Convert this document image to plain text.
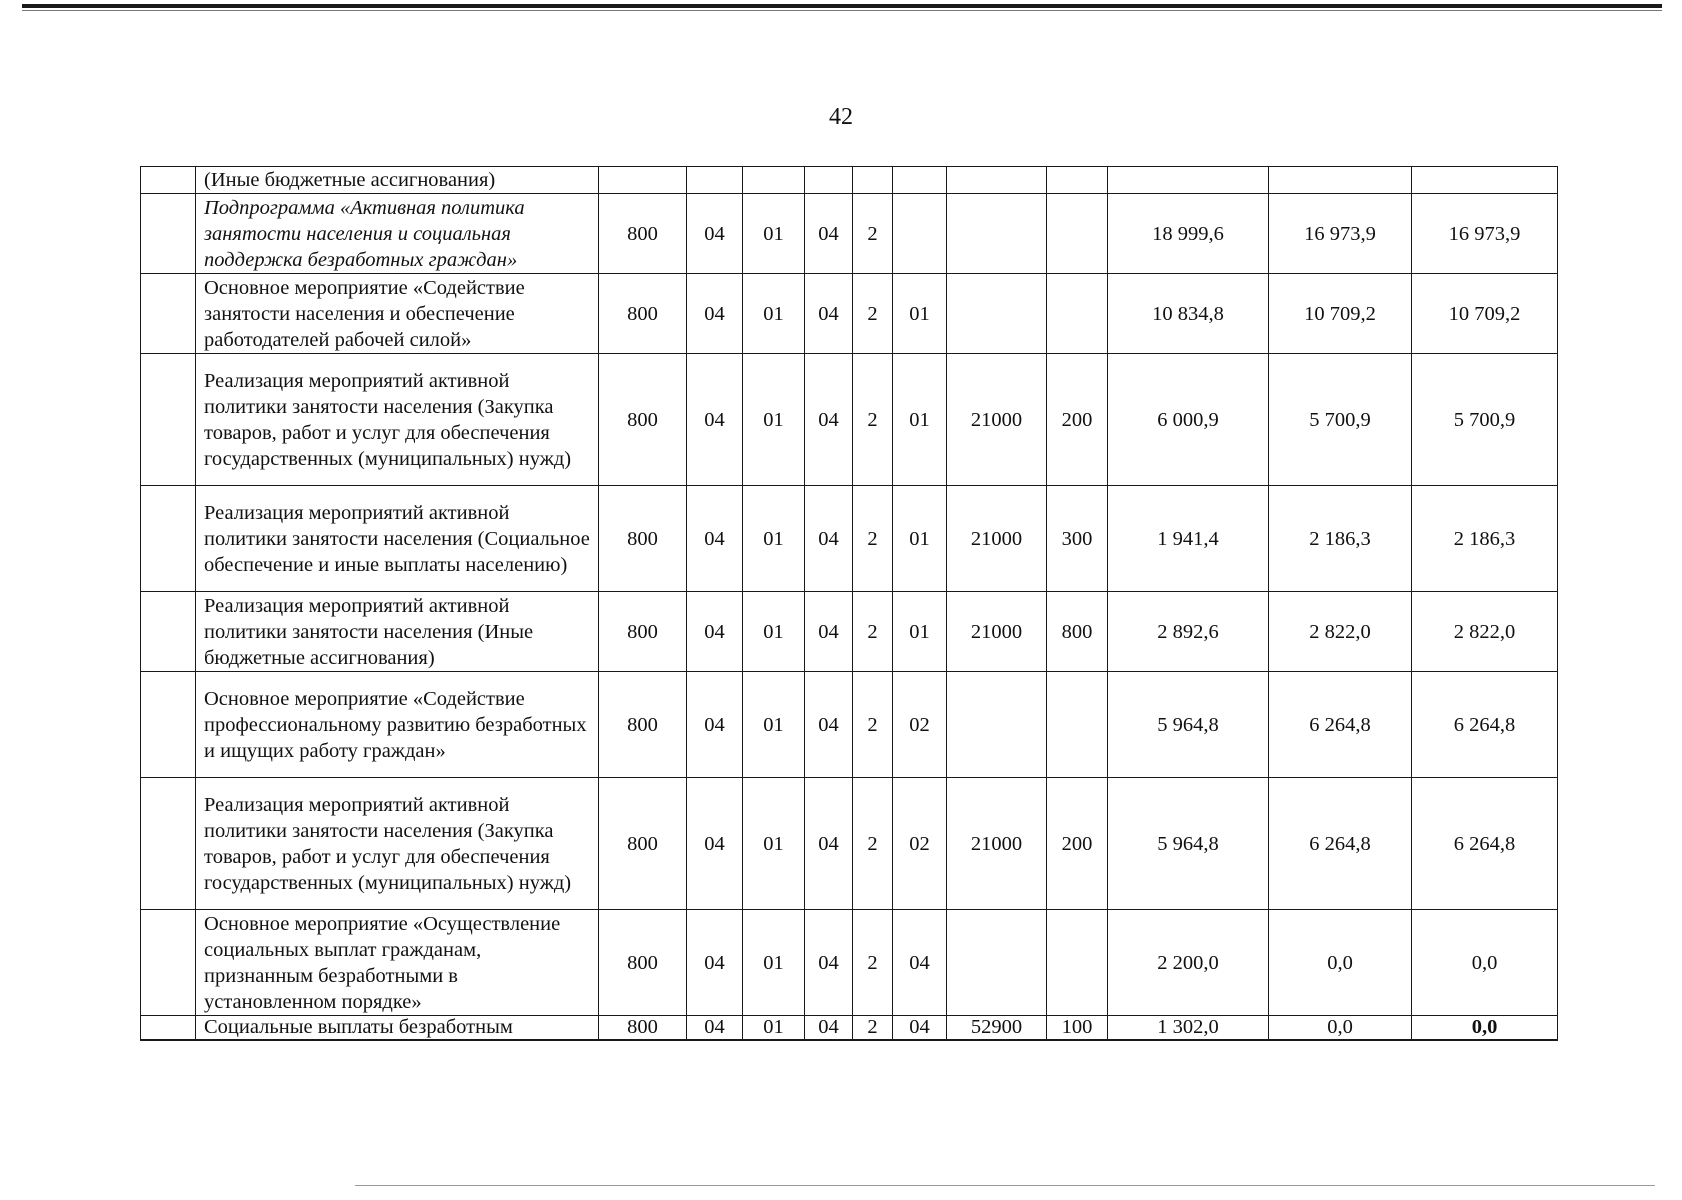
42
	(Иные бюджетные ассигнования)											
	Подпрограмма «Активная политика занятости населения и социальная поддержка безработных граждан»	800	04	01	04	2				18 999,6	16 973,9	16 973,9
	Основное мероприятие «Содействие занятости населения и обеспечение работодателей рабочей силой»	800	04	01	04	2	01			10 834,8	10 709,2	10 709,2
	Реализация мероприятий активной политики занятости населения (Закупка товаров, работ и услуг для обеспечения государственных (муниципальных) нужд)	800	04	01	04	2	01	21000	200	6 000,9	5 700,9	5 700,9
	Реализация мероприятий активной политики занятости населения (Социальное обеспечение и иные выплаты населению)	800	04	01	04	2	01	21000	300	1 941,4	2 186,3	2 186,3
	Реализация мероприятий активной политики занятости населения (Иные бюджетные ассигнования)	800	04	01	04	2	01	21000	800	2 892,6	2 822,0	2 822,0
	Основное мероприятие «Содействие профессиональному развитию безработных и ищущих работу граждан»	800	04	01	04	2	02			5 964,8	6 264,8	6 264,8
	Реализация мероприятий активной политики занятости населения (Закупка товаров, работ и услуг для обеспечения государственных (муниципальных) нужд)	800	04	01	04	2	02	21000	200	5 964,8	6 264,8	6 264,8
	Основное мероприятие «Осуществление социальных выплат гражданам, признанным безработными в установленном порядке»	800	04	01	04	2	04			2 200,0	0,0	0,0
	Социальные выплаты безработным	800	04	01	04	2	04	52900	100	1 302,0	0,0	0,0
